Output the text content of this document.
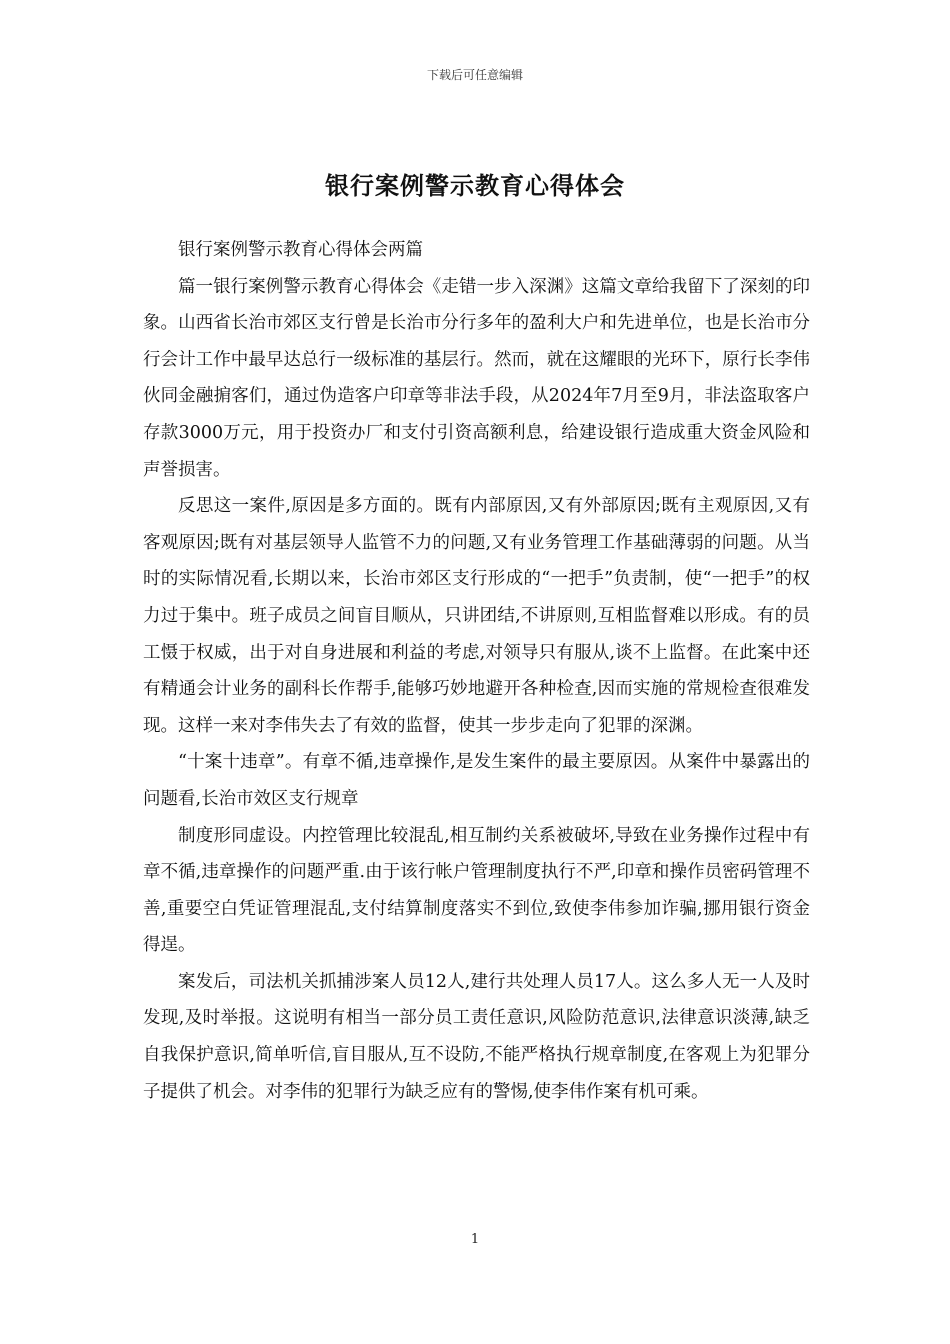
下载后可任意编辑
银行案例警示教育心得体会

银行案例警示教育心得体会两篇

篇一银行案例警示教育心得体会《走错一步入深渊》这篇文章给我留下了深刻的印象。山西省长治市郊区支行曾是长治市分行多年的盈利大户和先进单位，也是长治市分行会计工作中最早达总行一级标准的基层行。然而，就在这耀眼的光环下，原行长李伟伙同金融掮客们，通过伪造客户印章等非法手段，从2024年7月至9月，非法盗取客户存款3000万元，用于投资办厂和支付引资高额利息，给建设银行造成重大资金风险和声誉损害。

反思这一案件,原因是多方面的。既有内部原因,又有外部原因;既有主观原因,又有客观原因;既有对基层领导人监管不力的问题,又有业务管理工作基础薄弱的问题。从当时的实际情况看,长期以来，长治市郊区支行形成的“一把手”负责制，使“一把手”的权力过于集中。班子成员之间盲目顺从，只讲团结,不讲原则,互相监督难以形成。有的员工慑于权威，出于对自身进展和利益的考虑,对领导只有服从,谈不上监督。在此案中还有精通会计业务的副科长作帮手,能够巧妙地避开各种检查,因而实施的常规检查很难发现。这样一来对李伟失去了有效的监督，使其一步步走向了犯罪的深渊。

“十案十违章”。有章不循,违章操作,是发生案件的最主要原因。从案件中暴露出的问题看,长治市效区支行规章

制度形同虚设。内控管理比较混乱,相互制约关系被破坏,导致在业务操作过程中有章不循,违章操作的问题严重.由于该行帐户管理制度执行不严,印章和操作员密码管理不善,重要空白凭证管理混乱,支付结算制度落实不到位,致使李伟参加诈骗,挪用银行资金得逞。

案发后，司法机关抓捕涉案人员12人,建行共处理人员17人。这么多人无一人及时发现,及时举报。这说明有相当一部分员工责任意识,风险防范意识,法律意识淡薄,缺乏自我保护意识,简单听信,盲目服从,互不设防,不能严格执行规章制度,在客观上为犯罪分子提供了机会。对李伟的犯罪行为缺乏应有的警惕,使李伟作案有机可乘。

1
